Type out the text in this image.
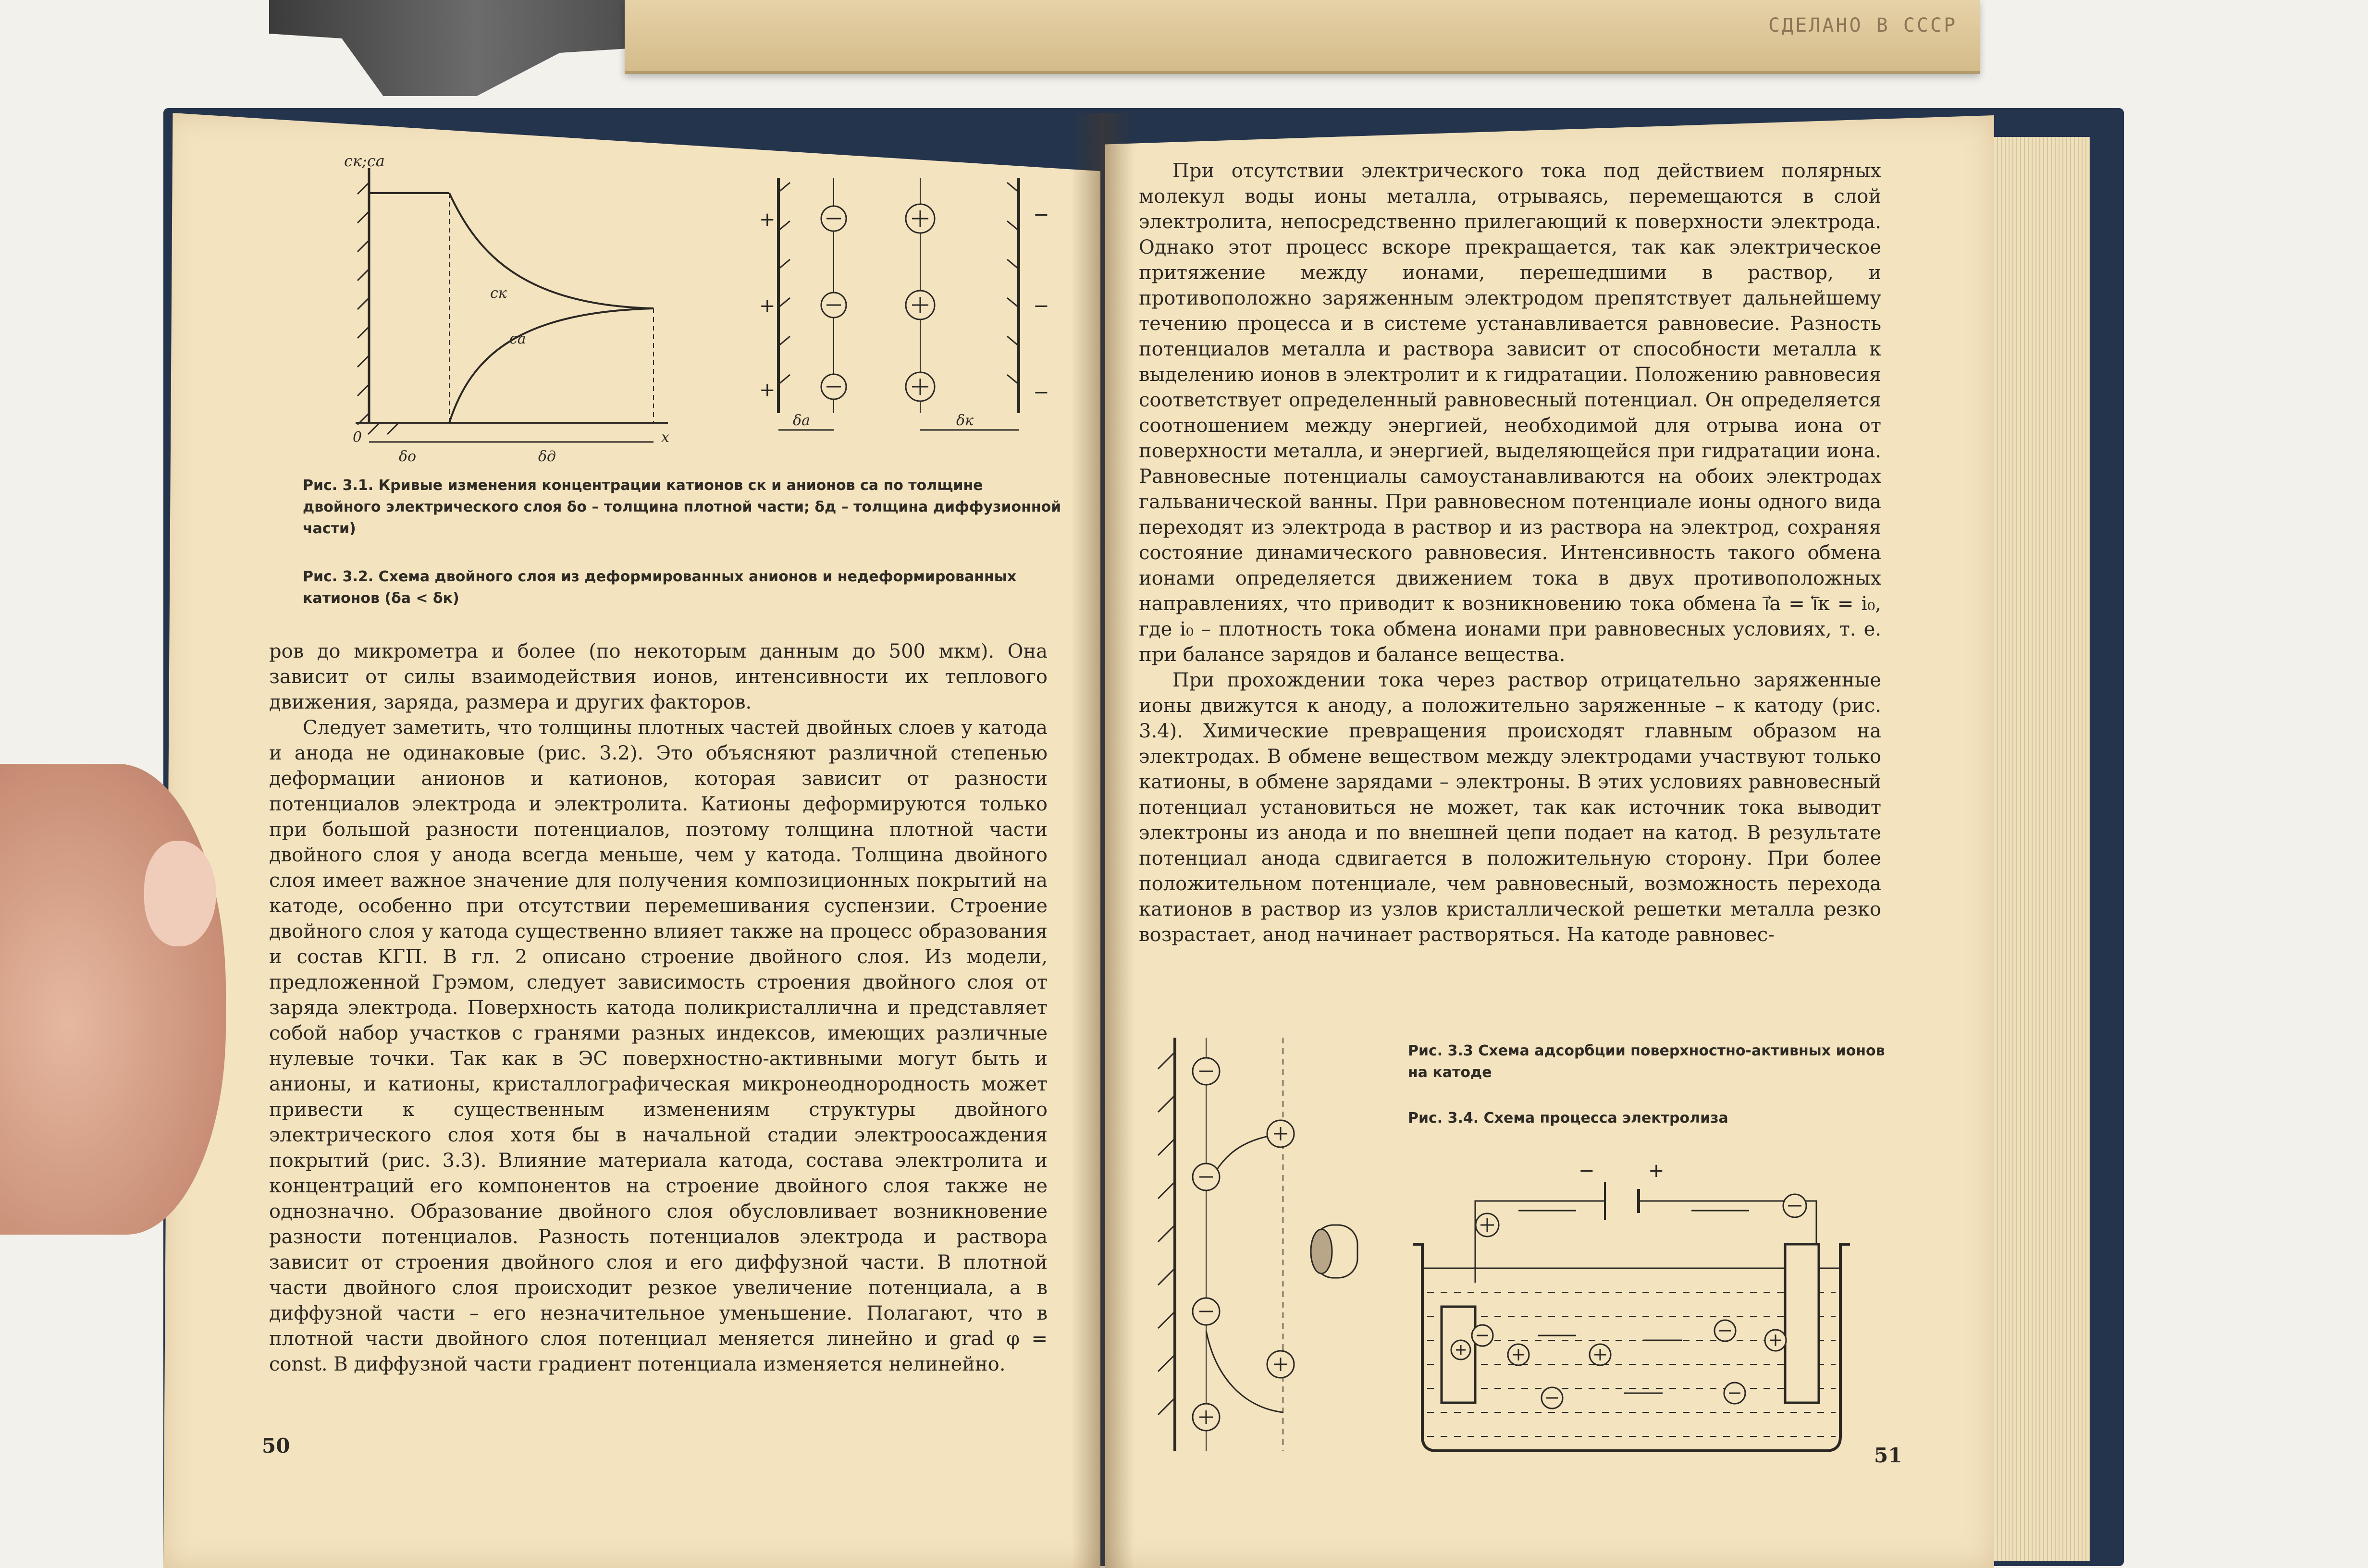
СДЕЛАНО В СССР
cк;cа
cк
cа
0	x
δо	δд
+
+
+
−
−
−
δа	δк
Рис. 3.1. Кривые изменения концентрации катионов cк и анионов cа по толщине двойного электрического слоя δо – толщина плотной части; δд – толщина диффузионной части)
Рис. 3.2. Схема двойного слоя из деформированных анионов и недеформированных катионов (δа < δк)

ров до микрометра и более (по некоторым данным до 500 мкм). Она зависит от силы взаимодействия ионов, интенсивности их теплового движения, заряда, размера и других факторов.

Следует заметить, что толщины плотных частей двойных слоев у катода и анода не одинаковые (рис. 3.2). Это объясняют различной степенью деформации анионов и катионов, которая зависит от разности потенциалов электрода и электролита. Катионы деформируются только при большой разности потенциалов, поэтому толщина плотной части двойного слоя у анода всегда меньше, чем у катода. Толщина двойного слоя имеет важное значение для получения композиционных покрытий на катоде, особенно при отсутствии перемешивания суспензии. Строение двойного слоя у катода существенно влияет также на процесс образования и состав КГП. В гл. 2 описано строение двойного слоя. Из модели, предложенной Грэмом, следует зависимость строения двойного слоя от заряда электрода. Поверхность катода поликристаллична и представляет собой набор участков с гранями разных индексов, имеющих различные нулевые точки. Так как в ЭС поверхностно-активными могут быть и анионы, и катионы, кристаллографическая микронеоднородность может привести к существенным изменениям структуры двойного электрического слоя хотя бы в начальной стадии электроосаждения покрытий (рис. 3.3). Влияние материала катода, состава электролита и концентраций его компонентов на строение двойного слоя также не однозначно. Образование двойного слоя обусловливает возникновение разности потенциалов. Разность потенциалов электрода и раствора зависит от строения двойного слоя и его диффузной части. В плотной части двойного слоя происходит резкое увеличение потенциала, а в диффузной части – его незначительное уменьшение. Полагают, что в плотной части двойного слоя потенциал меняется линейно и grad φ = const. В диффузной части градиент потенциала изменяется нелинейно.

50

При отсутствии электрического тока под действием полярных молекул воды ионы металла, отрываясь, перемещаются в слой электролита, непосредственно прилегающий к поверхности электрода. Однако этот процесс вскоре прекращается, так как электрическое притяжение между ионами, перешедшими в раствор, и противоположно заряженным электродом препятствует дальнейшему течению процесса и в системе устанавливается равновесие. Разность потенциалов металла и раствора зависит от способности металла к выделению ионов в электролит и к гидратации. Положению равновесия соответствует определенный равновесный потенциал. Он определяется соотношением между энергией, необходимой для отрыва иона от поверхности металла, и энергией, выделяющейся при гидратации иона. Равновесные потенциалы самоустанавливаются на обоих электродах гальванической ванны. При равновесном потенциале ионы одного вида переходят из электрода в раствор и из раствора на электрод, сохраняя состояние динамического равновесия. Интенсивность такого обмена ионами определяется движением тока в двух противоположных направлениях, что приводит к возникновению тока обмена i⃗а = i⃖к = i₀, где i₀ – плотность тока обмена ионами при равновесных условиях, т. е. при балансе зарядов и балансе вещества.

При прохождении тока через раствор отрицательно заряженные ионы движутся к аноду, а положительно заряженные – к катоду (рис. 3.4). Химические превращения происходят главным образом на электродах. В обмене веществом между электродами участвуют только катионы, в обмене зарядами – электроны. В этих условиях равновесный потенциал установиться не может, так как источник тока выводит электроны из анода и по внешней цепи подает на катод. В результате потенциал анода сдвигается в положительную сторону. При более положительном потенциале, чем равновесный, возможность перехода катионов в раствор из узлов кристаллической решетки металла резко возрастает, анод начинает растворяться. На катоде равновес-

Рис. 3.3 Схема адсорбции поверхностно-активных ионов на катоде
Рис. 3.4. Схема процесса электролиза
−	+
51
